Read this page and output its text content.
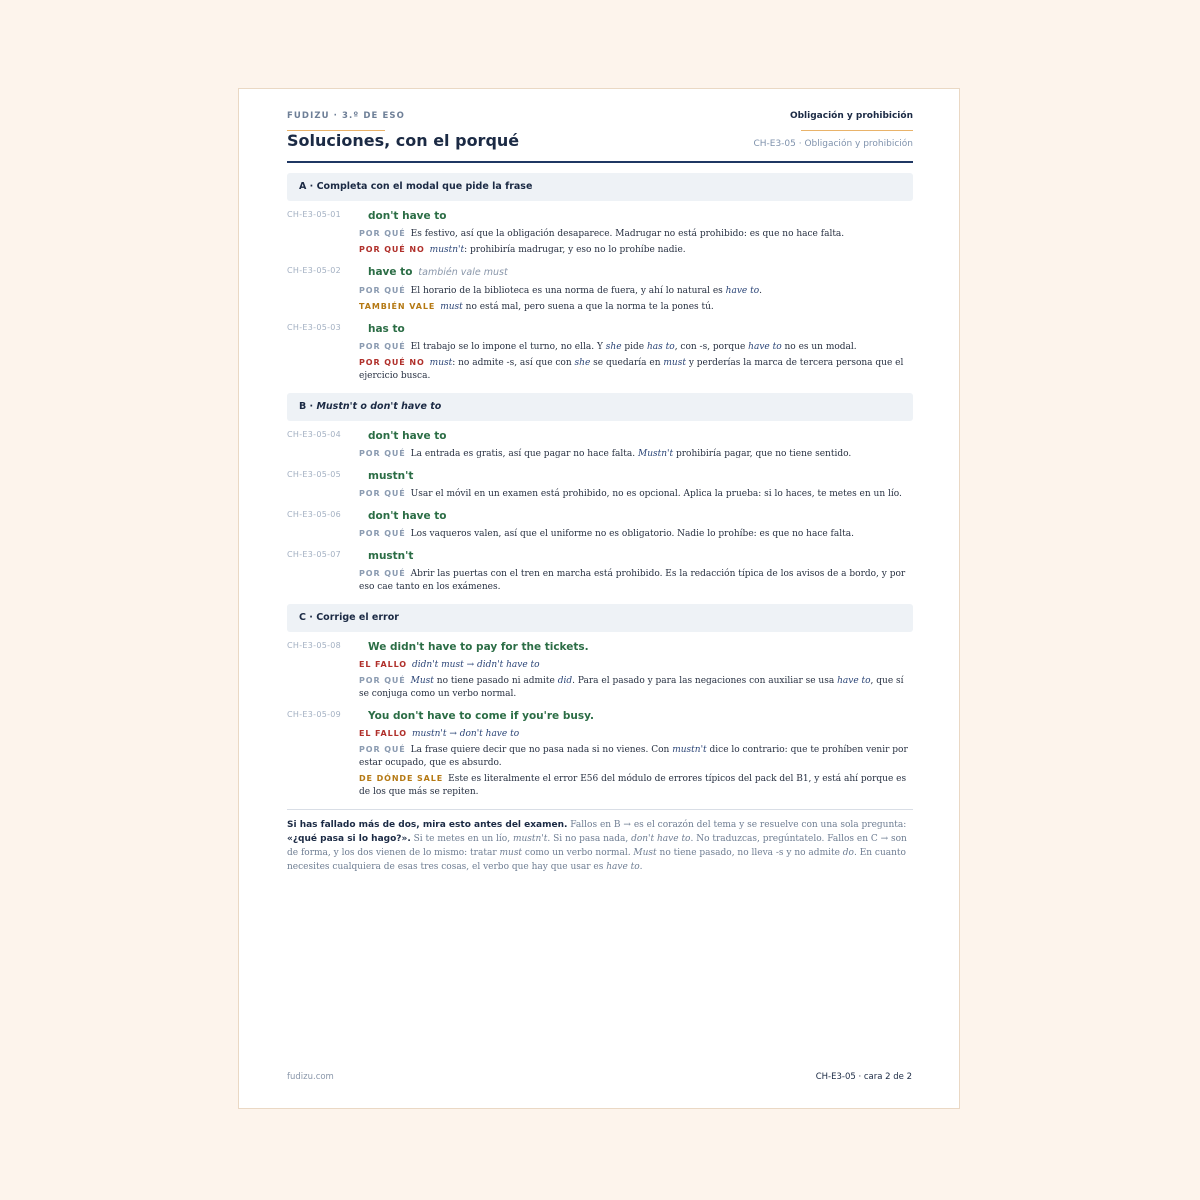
FUDIZU · 3.º DE ESO
Soluciones, con el porqué
Obligación y prohibición
CH-E3-05 · Obligación y prohibición
A · Completa con el modal que pide la frase
CH-E3-05-01	don't have to
POR QUÉ Es festivo, así que la obligación desaparece. Madrugar no está prohibido: es que no hace falta.
POR QUÉ NO mustn't: prohibiría madrugar, y eso no lo prohíbe nadie.
CH-E3-05-02	have to también vale must
POR QUÉ El horario de la biblioteca es una norma de fuera, y ahí lo natural es have to.
TAMBIÉN VALE must no está mal, pero suena a que la norma te la pones tú.
CH-E3-05-03	has to
POR QUÉ El trabajo se lo impone el turno, no ella. Y she pide has to, con -s, porque have to no es un modal.
POR QUÉ NO must: no admite -s, así que con she se quedaría en must y perderías la marca de tercera persona que el ejercicio busca.
B · Mustn't o don't have to
CH-E3-05-04	don't have to
POR QUÉ La entrada es gratis, así que pagar no hace falta. Mustn't prohibiría pagar, que no tiene sentido.
CH-E3-05-05	mustn't
POR QUÉ Usar el móvil en un examen está prohibido, no es opcional. Aplica la prueba: si lo haces, te metes en un lío.
CH-E3-05-06	don't have to
POR QUÉ Los vaqueros valen, así que el uniforme no es obligatorio. Nadie lo prohíbe: es que no hace falta.
CH-E3-05-07	mustn't
POR QUÉ Abrir las puertas con el tren en marcha está prohibido. Es la redacción típica de los avisos de a bordo, y por eso cae tanto en los exámenes.
C · Corrige el error
CH-E3-05-08	We didn't have to pay for the tickets.
EL FALLO didn't must → didn't have to
POR QUÉ Must no tiene pasado ni admite did. Para el pasado y para las negaciones con auxiliar se usa have to, que sí se conjuga como un verbo normal.
CH-E3-05-09	You don't have to come if you're busy.
EL FALLO mustn't → don't have to
POR QUÉ La frase quiere decir que no pasa nada si no vienes. Con mustn't dice lo contrario: que te prohíben venir por estar ocupado, que es absurdo.
DE DÓNDE SALE Este es literalmente el error E56 del módulo de errores típicos del pack del B1, y está ahí porque es de los que más se repiten.
Si has fallado más de dos, mira esto antes del examen. Fallos en B → es el corazón del tema y se resuelve con una sola pregunta: «¿qué pasa si lo hago?». Si te metes en un lío, mustn't. Si no pasa nada, don't have to. No traduzcas, pregúntatelo. Fallos en C → son de forma, y los dos vienen de lo mismo: tratar must como un verbo normal. Must no tiene pasado, no lleva -s y no admite do. En cuanto necesites cualquiera de esas tres cosas, el verbo que hay que usar es have to.
fudizu.com	CH-E3-05 · cara 2 de 2
